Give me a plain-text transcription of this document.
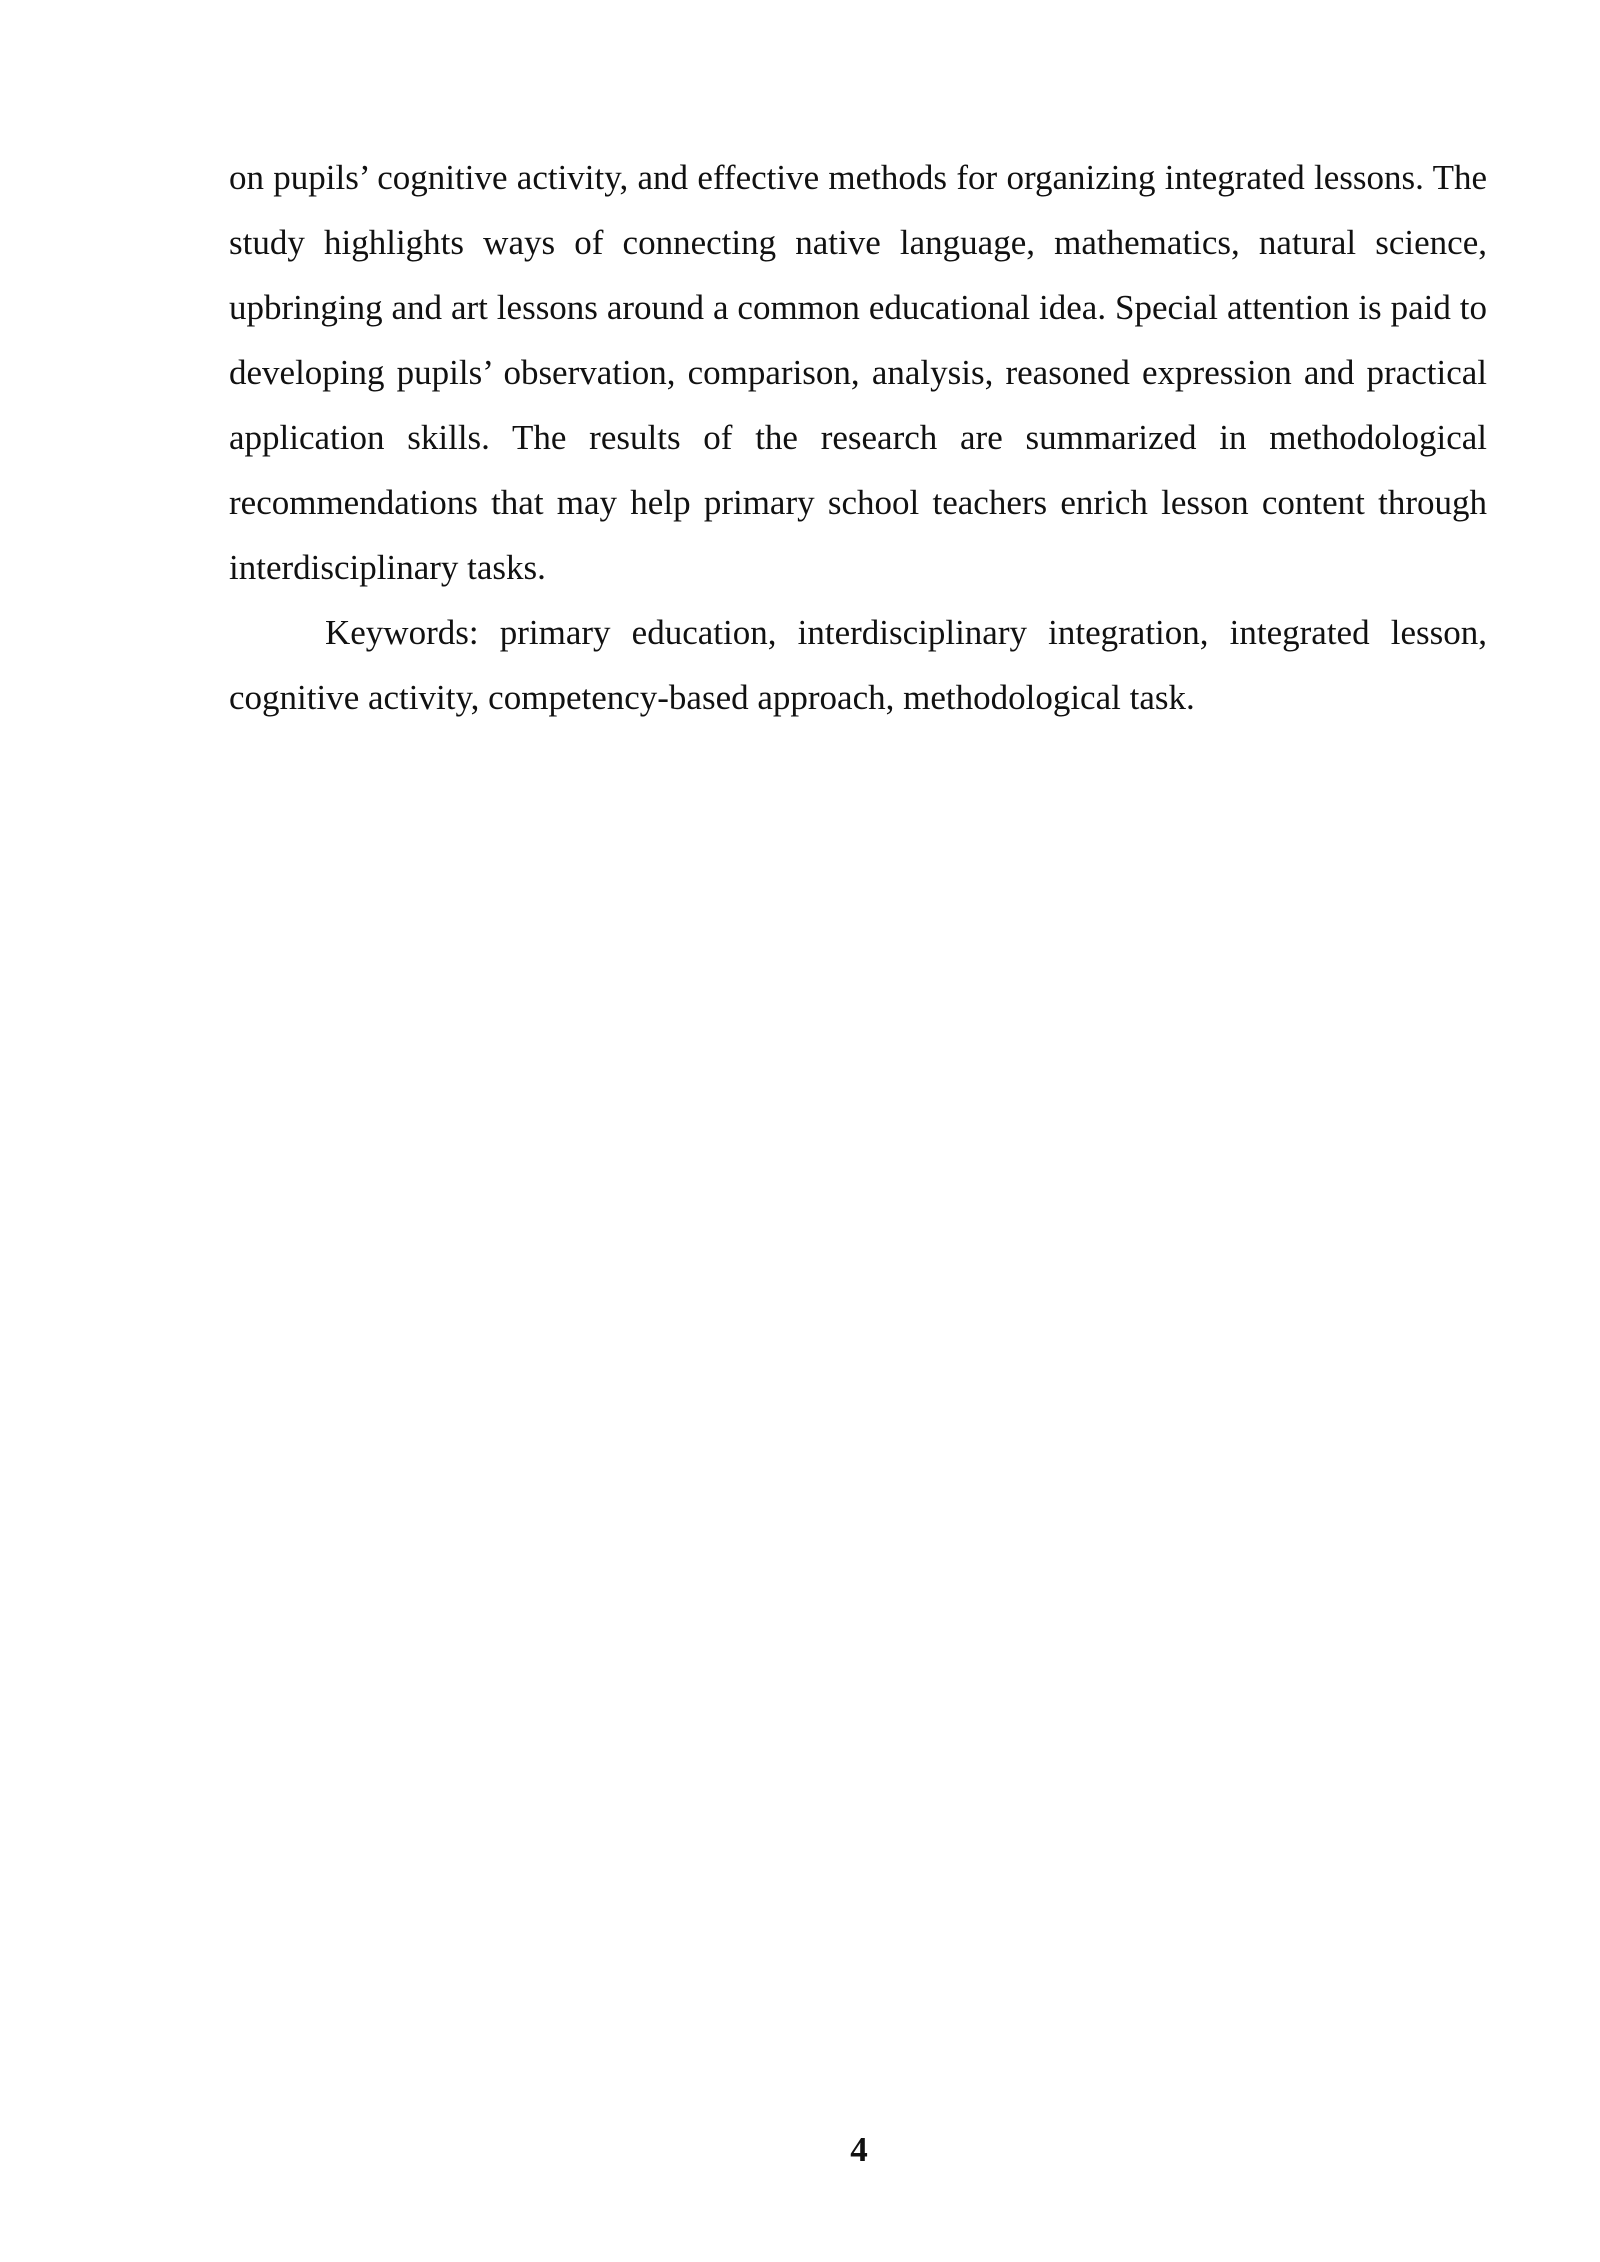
on pupils’ cognitive activity, and effective methods for organizing integrated lessons. The study highlights ways of connecting native language, mathematics, natural science, upbringing and art lessons around a common educational idea. Special attention is paid to developing pupils’ observation, comparison, analysis, reasoned expression and practical application skills. The results of the research are summarized in methodological recommendations that may help primary school teachers enrich lesson content through interdisciplinary tasks.

Keywords: primary education, interdisciplinary integration, integrated lesson, cognitive activity, competency-based approach, methodological task.

4
